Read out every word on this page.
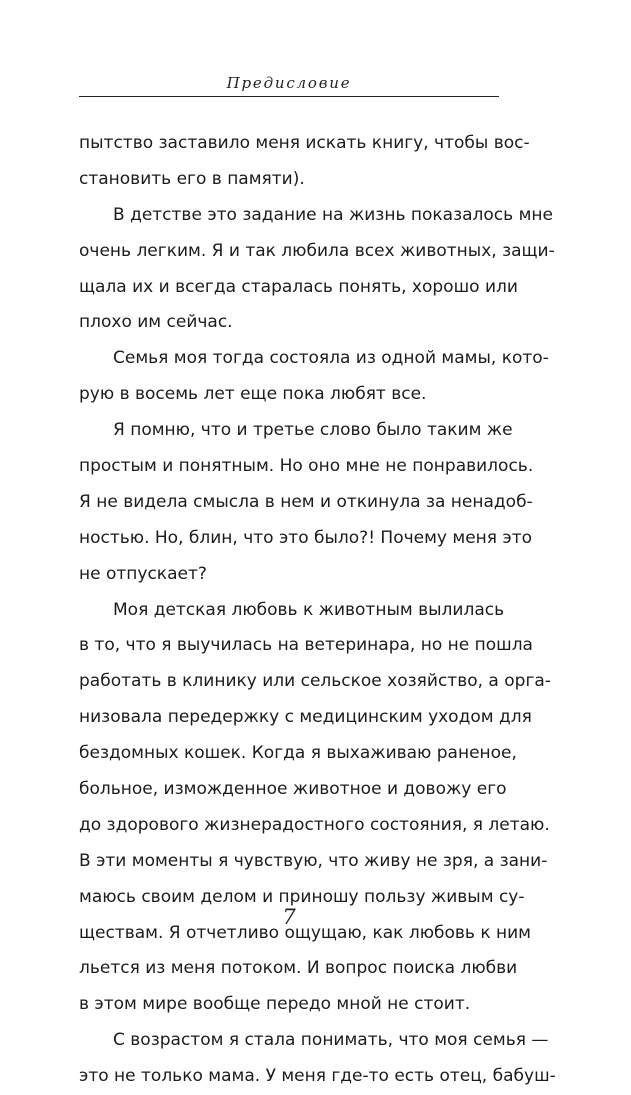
Предисловие
пытство заставило меня искать книгу, чтобы вос-
становить его в памяти).
В детстве это задание на жизнь показалось мне
очень легким. Я и так любила всех животных, защи-
щала их и всегда старалась понять, хорошо или
плохо им сейчас.
Семья моя тогда состояла из одной мамы, кото-
рую в восемь лет еще пока любят все.
Я помню, что и третье слово было таким же
простым и понятным. Но оно мне не понравилось.
Я не видела смысла в нем и откинула за ненадоб-
ностью. Но, блин, что это было?! Почему меня это
не отпускает?
Моя детская любовь к животным вылилась
в то, что я выучилась на ветеринара, но не пошла
работать в клинику или сельское хозяйство, а орга-
низовала передержку с медицинским уходом для
бездомных кошек. Когда я выхаживаю раненое,
больное, изможденное животное и довожу его
до здорового жизнерадостного состояния, я летаю.
В эти моменты я чувствую, что живу не зря, а зани-
маюсь своим делом и приношу пользу живым су-
ществам. Я отчетливо ощущаю, как любовь к ним
льется из меня потоком. И вопрос поиска любви
в этом мире вообще передо мной не стоит.
С возрастом я стала понимать, что моя семья —
это не только мама. У меня где-то есть отец, бабуш-
7
